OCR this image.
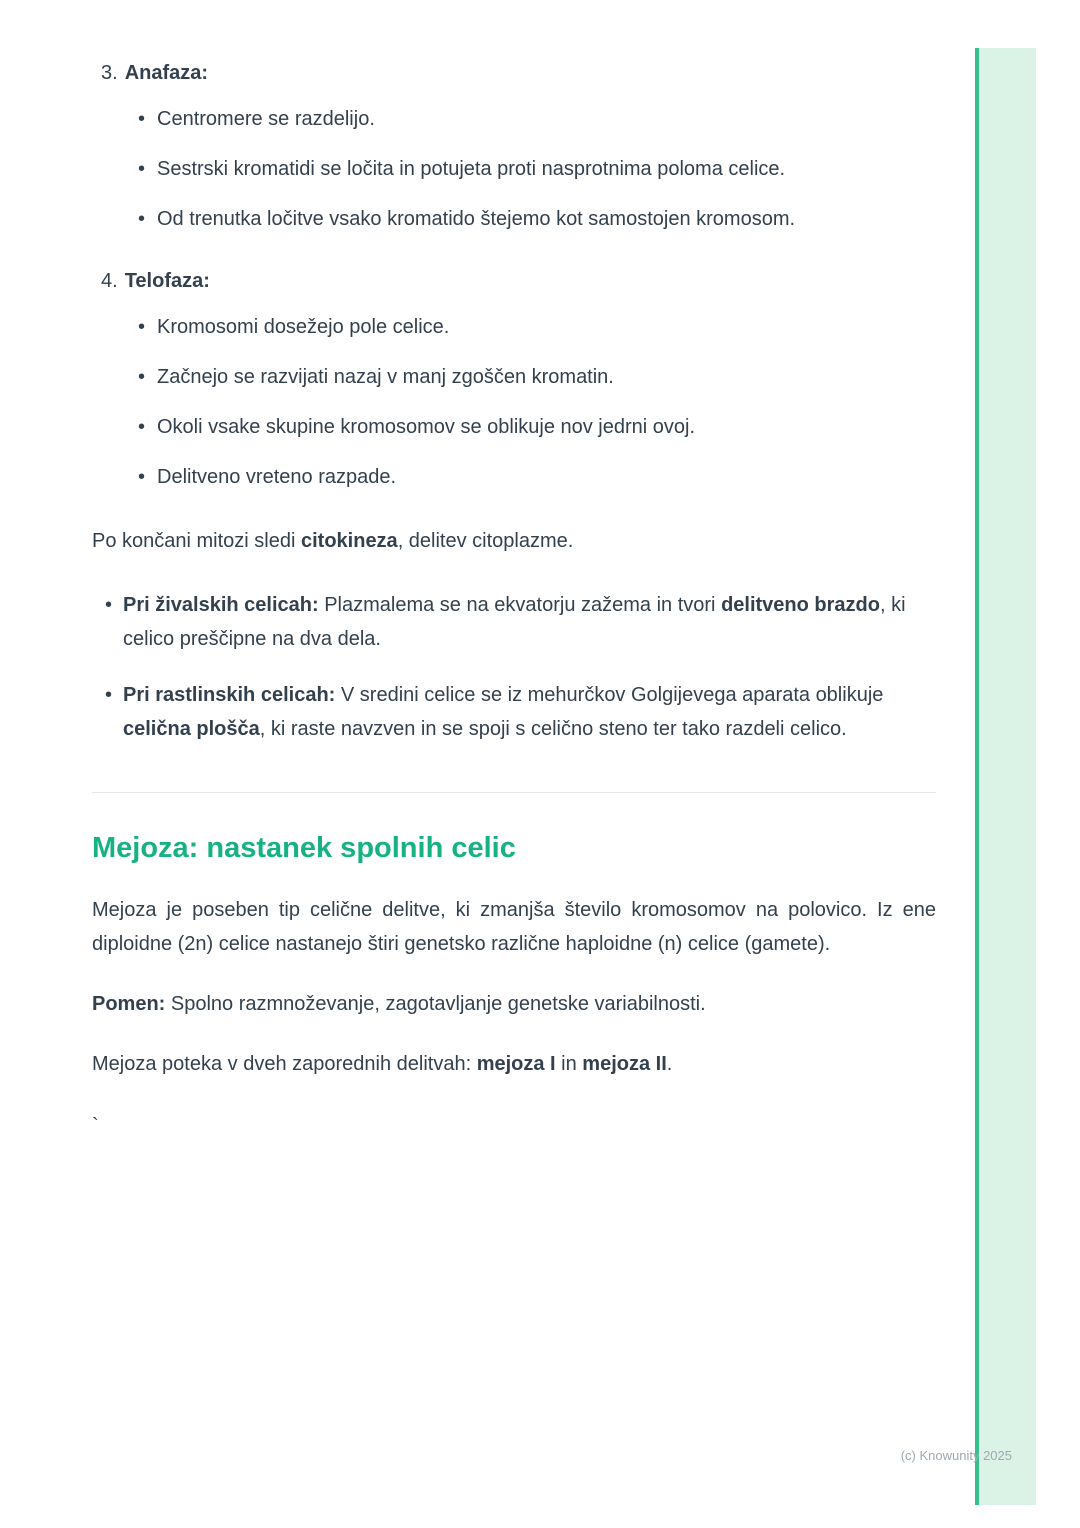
3. Anafaza:

• Centromere se razdelijo.
• Sestrski kromatidi se ločita in potujeta proti nasprotnima poloma celice.
• Od trenutka ločitve vsako kromatido štejemo kot samostojen kromosom.

4. Telofaza:

• Kromosomi dosežejo pole celice.
• Začnejo se razvijati nazaj v manj zgoščen kromatin.
• Okoli vsake skupine kromosomov se oblikuje nov jedrni ovoj.
• Delitveno vreteno razpade.

Po končani mitozi sledi citokineza, delitev citoplazme.

• Pri živalskih celicah: Plazmalema se na ekvatorju zažema in tvori delitveno brazdo, ki celico preščipne na dva dela.
• Pri rastlinskih celicah: V sredini celice se iz mehurčkov Golgijevega aparata oblikuje celična plošča, ki raste navzven in se spoji s celično steno ter tako razdeli celico.
Mejoza: nastanek spolnih celic

Mejoza je poseben tip celične delitve, ki zmanjša število kromosomov na polovico. Iz ene diploidne (2n) celice nastanejo štiri genetsko različne haploidne (n) celice (gamete).

Pomen: Spolno razmnoževanje, zagotavljanje genetske variabilnosti.

Mejoza poteka v dveh zaporednih delitvah: mejoza I in mejoza II.

`

(c) Knowunity 2025
